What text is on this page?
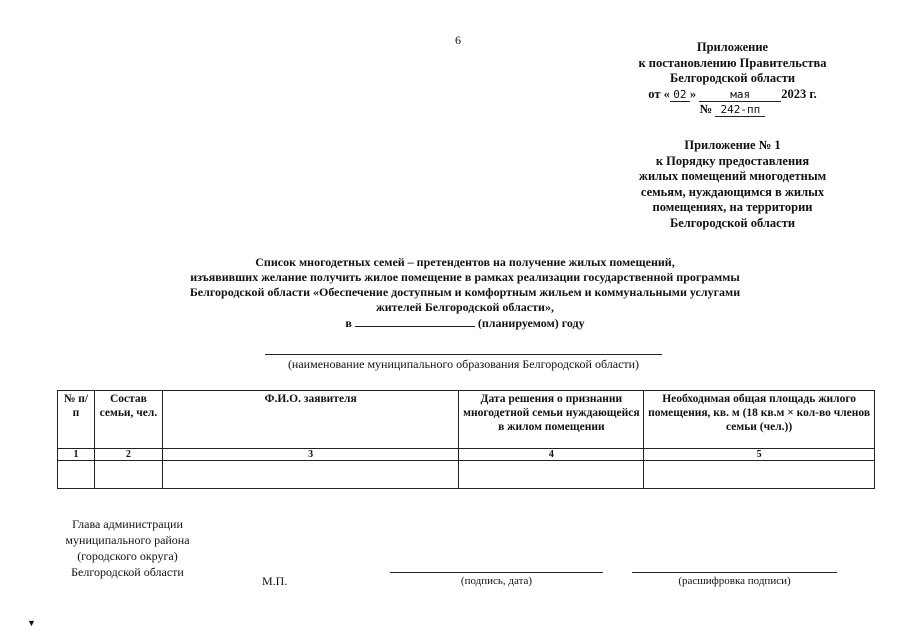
6	Приложение
к постановлению Правительства
Белгородской области
от « 02 »	мая 2023 г.
№ 242-пп
Приложение № 1
к Порядку предоставления
жилых помещений многодетным
семьям, нуждающимся в жилых
помещениях, на территории
Белгородской области
Список многодетных семей – претендентов на получение жилых помещений,
изъявивших желание получить жилое помещение в рамках реализации государственной программы
Белгородской области «Обеспечение доступным и комфортным жильем и коммунальными услугами
жителей Белгородской области»,
в	(планируемом) году
(наименование муниципального образования Белгородской области)
№ п/п	Состав семьи, чел.	Ф.И.О. заявителя	Дата решения о признании многодетной семьи нуждающейся в жилом помещении	Необходимая общая площадь жилого помещения, кв. м (18 кв.м × кол-во членов семьи (чел.))
1	2	3	4	5

Глава администрации
муниципального района
(городского округа)
Белгородской области
М.П.	(подпись, дата)	(расшифровка подписи)
▼
